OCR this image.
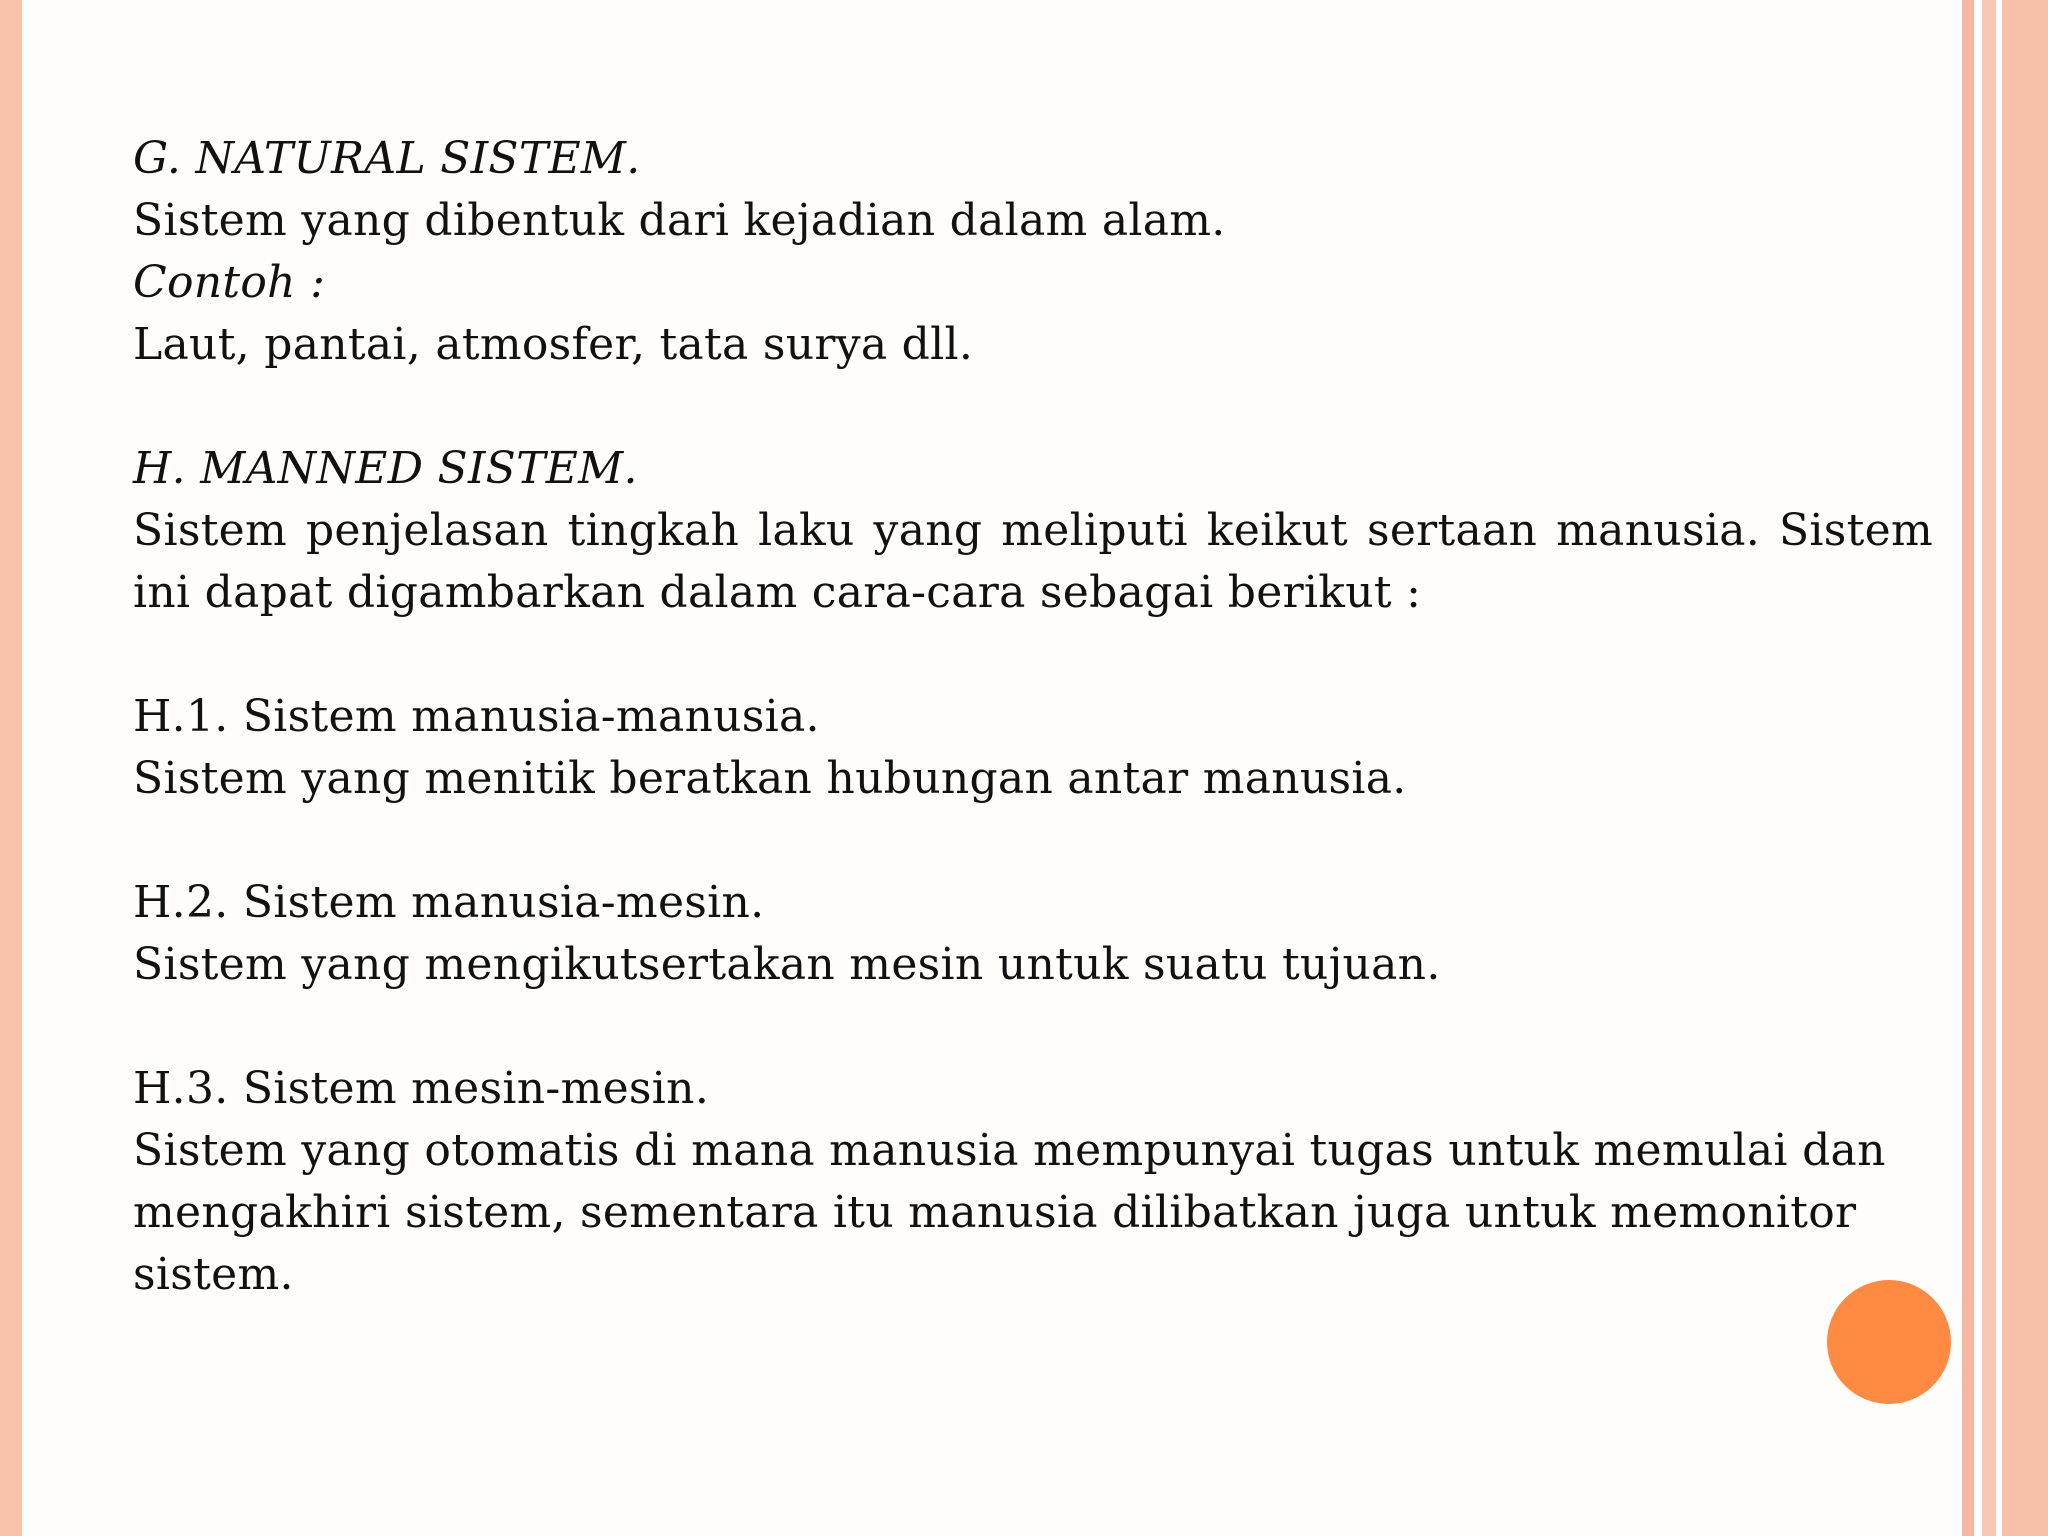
G. NATURAL SISTEM.

Sistem yang dibentuk dari kejadian dalam alam.

Contoh :

Laut, pantai, atmosfer, tata surya dll.

H. MANNED SISTEM.

Sistem penjelasan tingkah laku yang meliputi keikut sertaan manusia. Sistem ini dapat digambarkan dalam cara-cara sebagai berikut :

H.1. Sistem manusia-manusia.

Sistem yang menitik beratkan hubungan antar manusia.

H.2. Sistem manusia-mesin.

Sistem yang mengikutsertakan mesin untuk suatu tujuan.

H.3. Sistem mesin-mesin.

Sistem yang otomatis di mana manusia mempunyai tugas untuk memulai dan mengakhiri sistem, sementara itu manusia dilibatkan juga untuk memonitor sistem.
